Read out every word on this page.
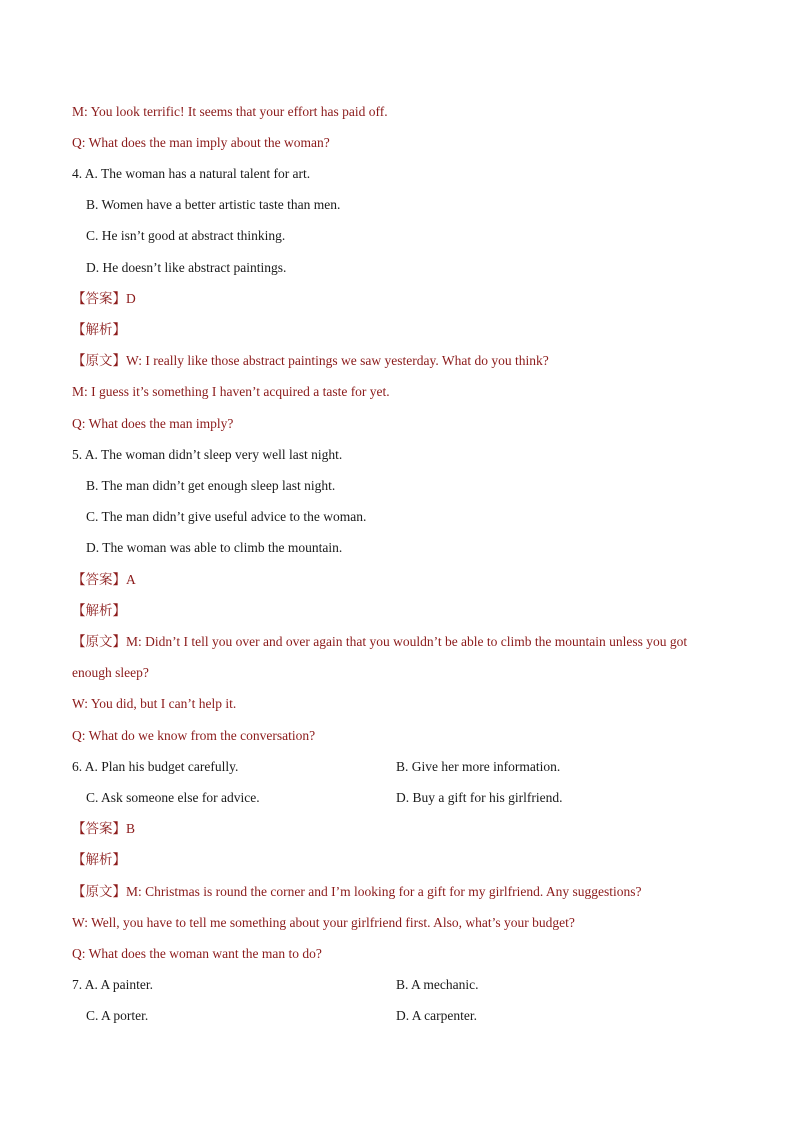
M: You look terrific! It seems that your effort has paid off.
Q: What does the man imply about the woman?
4. A. The woman has a natural talent for art.
B. Women have a better artistic taste than men.
C. He isn’t good at abstract thinking.
D. He doesn’t like abstract paintings.
【答案】D
【解析】
【原文】W: I really like those abstract paintings we saw yesterday. What do you think?
M: I guess it’s something I haven’t acquired a taste for yet.
Q: What does the man imply?
5. A. The woman didn’t sleep very well last night.
B. The man didn’t get enough sleep last night.
C. The man didn’t give useful advice to the woman.
D. The woman was able to climb the mountain.
【答案】A
【解析】
【原文】M: Didn’t I tell you over and over again that you wouldn’t be able to climb the mountain unless you got
enough sleep?
W: You did, but I can’t help it.
Q: What do we know from the conversation?
6. A. Plan his budget carefully.	B. Give her more information.
C. Ask someone else for advice.	D. Buy a gift for his girlfriend.
【答案】B
【解析】
【原文】M: Christmas is round the corner and I’m looking for a gift for my girlfriend. Any suggestions?
W: Well, you have to tell me something about your girlfriend first. Also, what’s your budget?
Q: What does the woman want the man to do?
7. A. A painter.	B. A mechanic.
C. A porter.	D. A carpenter.
